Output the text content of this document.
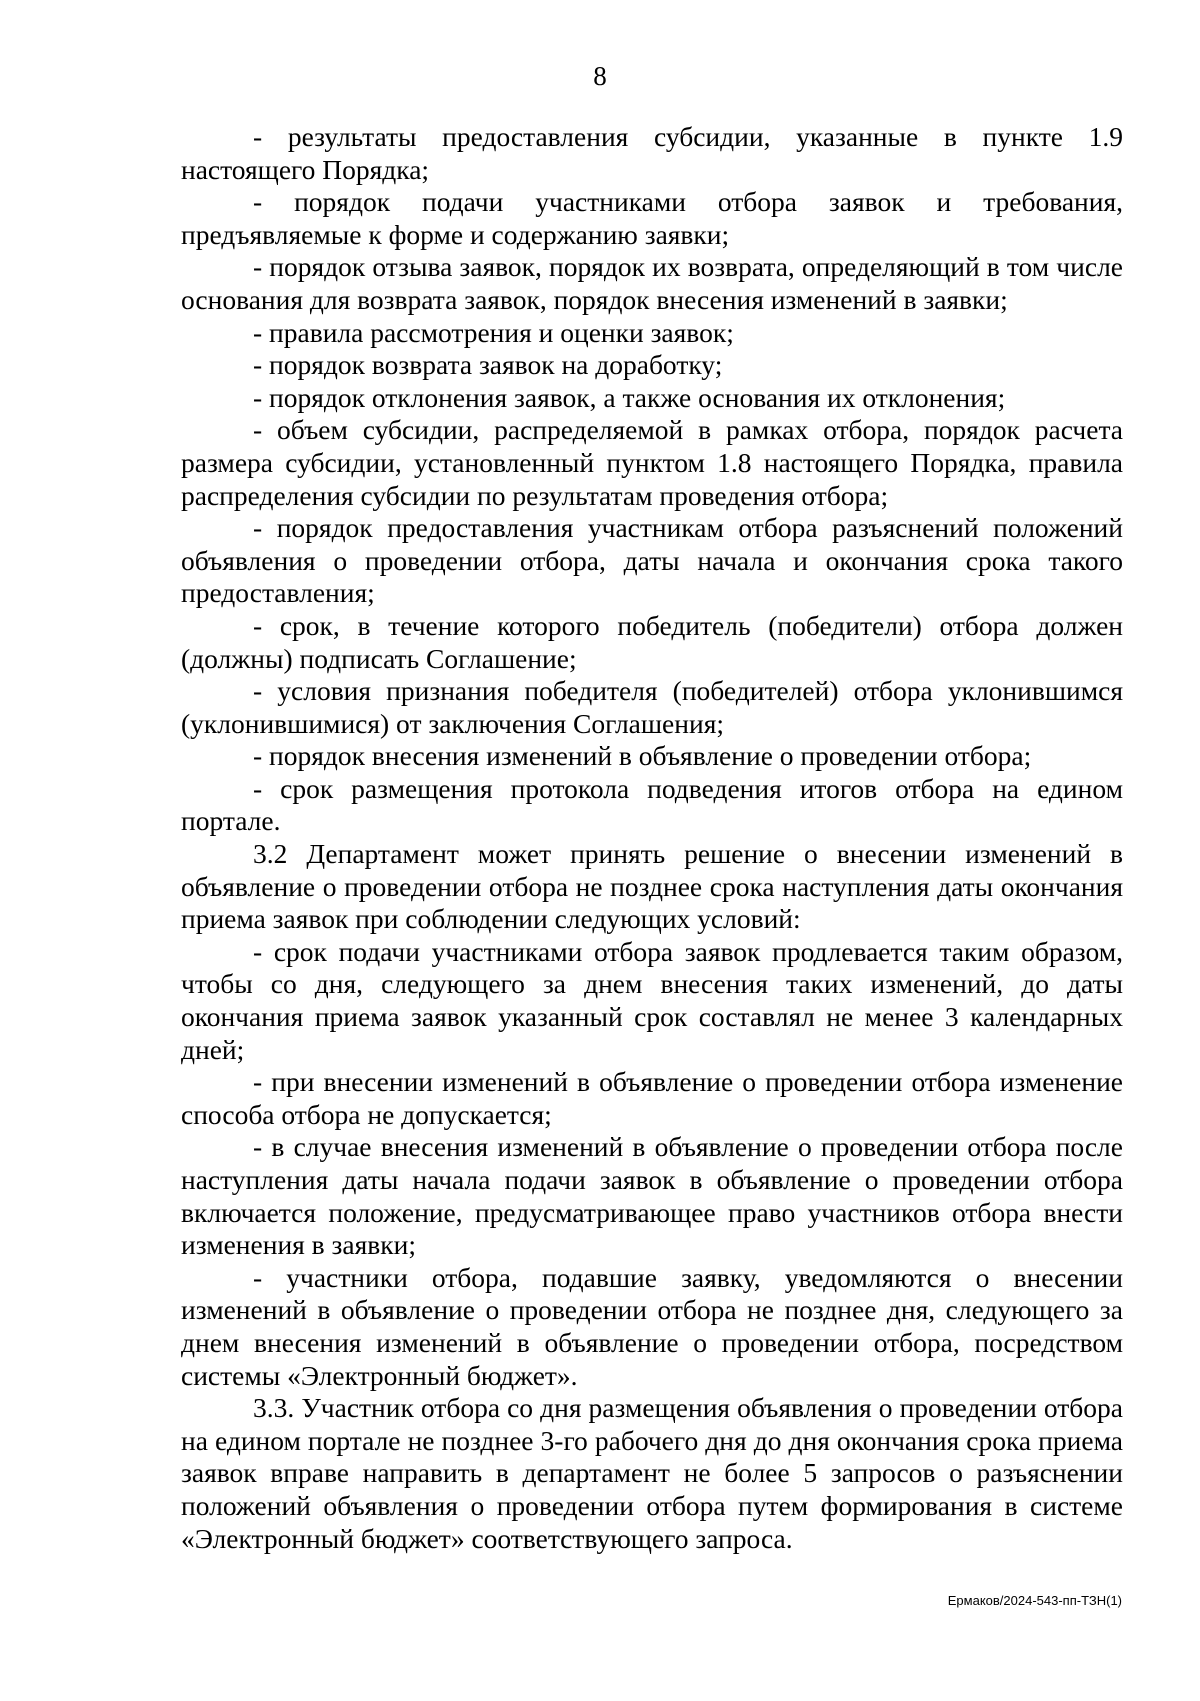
8

- результаты предоставления субсидии, указанные в пункте 1.9 настоящего Порядка;

- порядок подачи участниками отбора заявок и требования, предъявляемые к форме и содержанию заявки;

- порядок отзыва заявок, порядок их возврата, определяющий в том числе основания для возврата заявок, порядок внесения изменений в заявки;

- правила рассмотрения и оценки заявок;

- порядок возврата заявок на доработку;

- порядок отклонения заявок, а также основания их отклонения;

- объем субсидии, распределяемой в рамках отбора, порядок расчета размера субсидии, установленный пунктом 1.8 настоящего Порядка, правила распределения субсидии по результатам проведения отбора;

- порядок предоставления участникам отбора разъяснений положений объявления о проведении отбора, даты начала и окончания срока такого предоставления;

- срок, в течение которого победитель (победители) отбора должен (должны) подписать Соглашение;

- условия признания победителя (победителей) отбора уклонившимся (уклонившимися) от заключения Соглашения;

- порядок внесения изменений в объявление о проведении отбора;

- срок размещения протокола подведения итогов отбора на едином портале.

3.2 Департамент может принять решение о внесении изменений в объявление о проведении отбора не позднее срока наступления даты окончания приема заявок при соблюдении следующих условий:

- срок подачи участниками отбора заявок продлевается таким образом, чтобы со дня, следующего за днем внесения таких изменений, до даты окончания приема заявок указанный срок составлял не менее 3 календарных дней;

- при внесении изменений в объявление о проведении отбора изменение способа отбора не допускается;

- в случае внесения изменений в объявление о проведении отбора после наступления даты начала подачи заявок в объявление о проведении отбора включается положение, предусматривающее право участников отбора внести изменения в заявки;

- участники отбора, подавшие заявку, уведомляются о внесении изменений в объявление о проведении отбора не позднее дня, следующего за днем внесения изменений в объявление о проведении отбора, посредством системы «Электронный бюджет».

3.3. Участник отбора со дня размещения объявления о проведении отбора на едином портале не позднее 3-го рабочего дня до дня окончания срока приема заявок вправе направить в департамент не более 5 запросов о разъяснении положений объявления о проведении отбора путем формирования в системе «Электронный бюджет» соответствующего запроса.

Ермаков/2024-543-пп-ТЗН(1)
